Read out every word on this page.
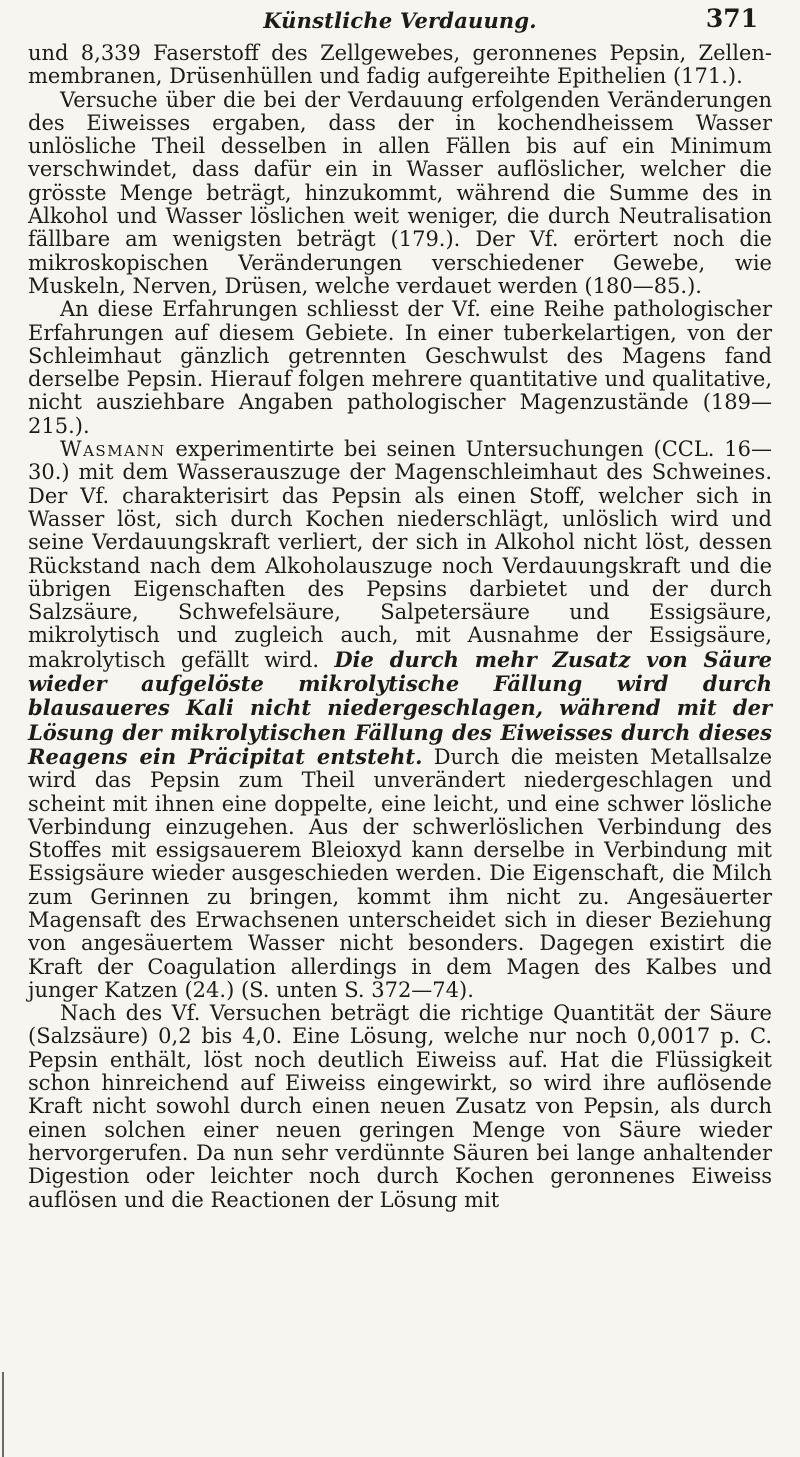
Künstliche Verdauung.	371

und 8,339 Faserstoff des Zellgewebes, geronnenes Pepsin, Zellen-membranen, Drüsenhüllen und fadig aufgereihte Epithelien (171.).

Versuche über die bei der Verdauung erfolgenden Veränderungen des Eiweisses ergaben, dass der in kochendheissem Wasser unlösliche Theil desselben in allen Fällen bis auf ein Minimum verschwindet, dass dafür ein in Wasser auflöslicher, welcher die grösste Menge beträgt, hinzukommt, während die Summe des in Alkohol und Wasser löslichen weit weniger, die durch Neutralisation fällbare am wenigsten beträgt (179.). Der Vf. erörtert noch die mikroskopischen Veränderungen verschiedener Gewebe, wie Muskeln, Nerven, Drüsen, welche verdauet werden (180—85.).

An diese Erfahrungen schliesst der Vf. eine Reihe pathologischer Erfahrungen auf diesem Gebiete. In einer tuberkelartigen, von der Schleimhaut gänzlich getrennten Geschwulst des Magens fand derselbe Pepsin. Hierauf folgen mehrere quantitative und qualitative, nicht ausziehbare Angaben pathologischer Magenzustände (189—215.).

Wasmann experimentirte bei seinen Untersuchungen (CCL. 16—30.) mit dem Wasserauszuge der Magenschleimhaut des Schweines. Der Vf. charakterisirt das Pepsin als einen Stoff, welcher sich in Wasser löst, sich durch Kochen niederschlägt, unlöslich wird und seine Verdauungskraft verliert, der sich in Alkohol nicht löst, dessen Rückstand nach dem Alkoholauszuge noch Verdauungskraft und die übrigen Eigenschaften des Pepsins darbietet und der durch Salzsäure, Schwefelsäure, Salpetersäure und Essigsäure, mikrolytisch und zugleich auch, mit Ausnahme der Essigsäure, makrolytisch gefällt wird. Die durch mehr Zusatz von Säure wieder aufgelöste mikrolytische Fällung wird durch blausaueres Kali nicht niedergeschlagen, während mit der Lösung der mikrolytischen Fällung des Eiweisses durch dieses Reagens ein Präcipitat entsteht. Durch die meisten Metallsalze wird das Pepsin zum Theil unverändert niedergeschlagen und scheint mit ihnen eine doppelte, eine leicht, und eine schwer lösliche Verbindung einzugehen. Aus der schwerlöslichen Verbindung des Stoffes mit essigsauerem Bleioxyd kann derselbe in Verbindung mit Essigsäure wieder ausgeschieden werden. Die Eigenschaft, die Milch zum Gerinnen zu bringen, kommt ihm nicht zu. Angesäuerter Magensaft des Erwachsenen unterscheidet sich in dieser Beziehung von angesäuertem Wasser nicht besonders. Dagegen existirt die Kraft der Coagulation allerdings in dem Magen des Kalbes und junger Katzen (24.) (S. unten S. 372—74).

Nach des Vf. Versuchen beträgt die richtige Quantität der Säure (Salzsäure) 0,2 bis 4,0. Eine Lösung, welche nur noch 0,0017 p. C. Pepsin enthält, löst noch deutlich Eiweiss auf. Hat die Flüssigkeit schon hinreichend auf Eiweiss eingewirkt, so wird ihre auflösende Kraft nicht sowohl durch einen neuen Zusatz von Pepsin, als durch einen solchen einer neuen geringen Menge von Säure wieder hervorgerufen. Da nun sehr verdünnte Säuren bei lange anhaltender Digestion oder leichter noch durch Kochen geronnenes Eiweiss auflösen und die Reactionen der Lösung mit
